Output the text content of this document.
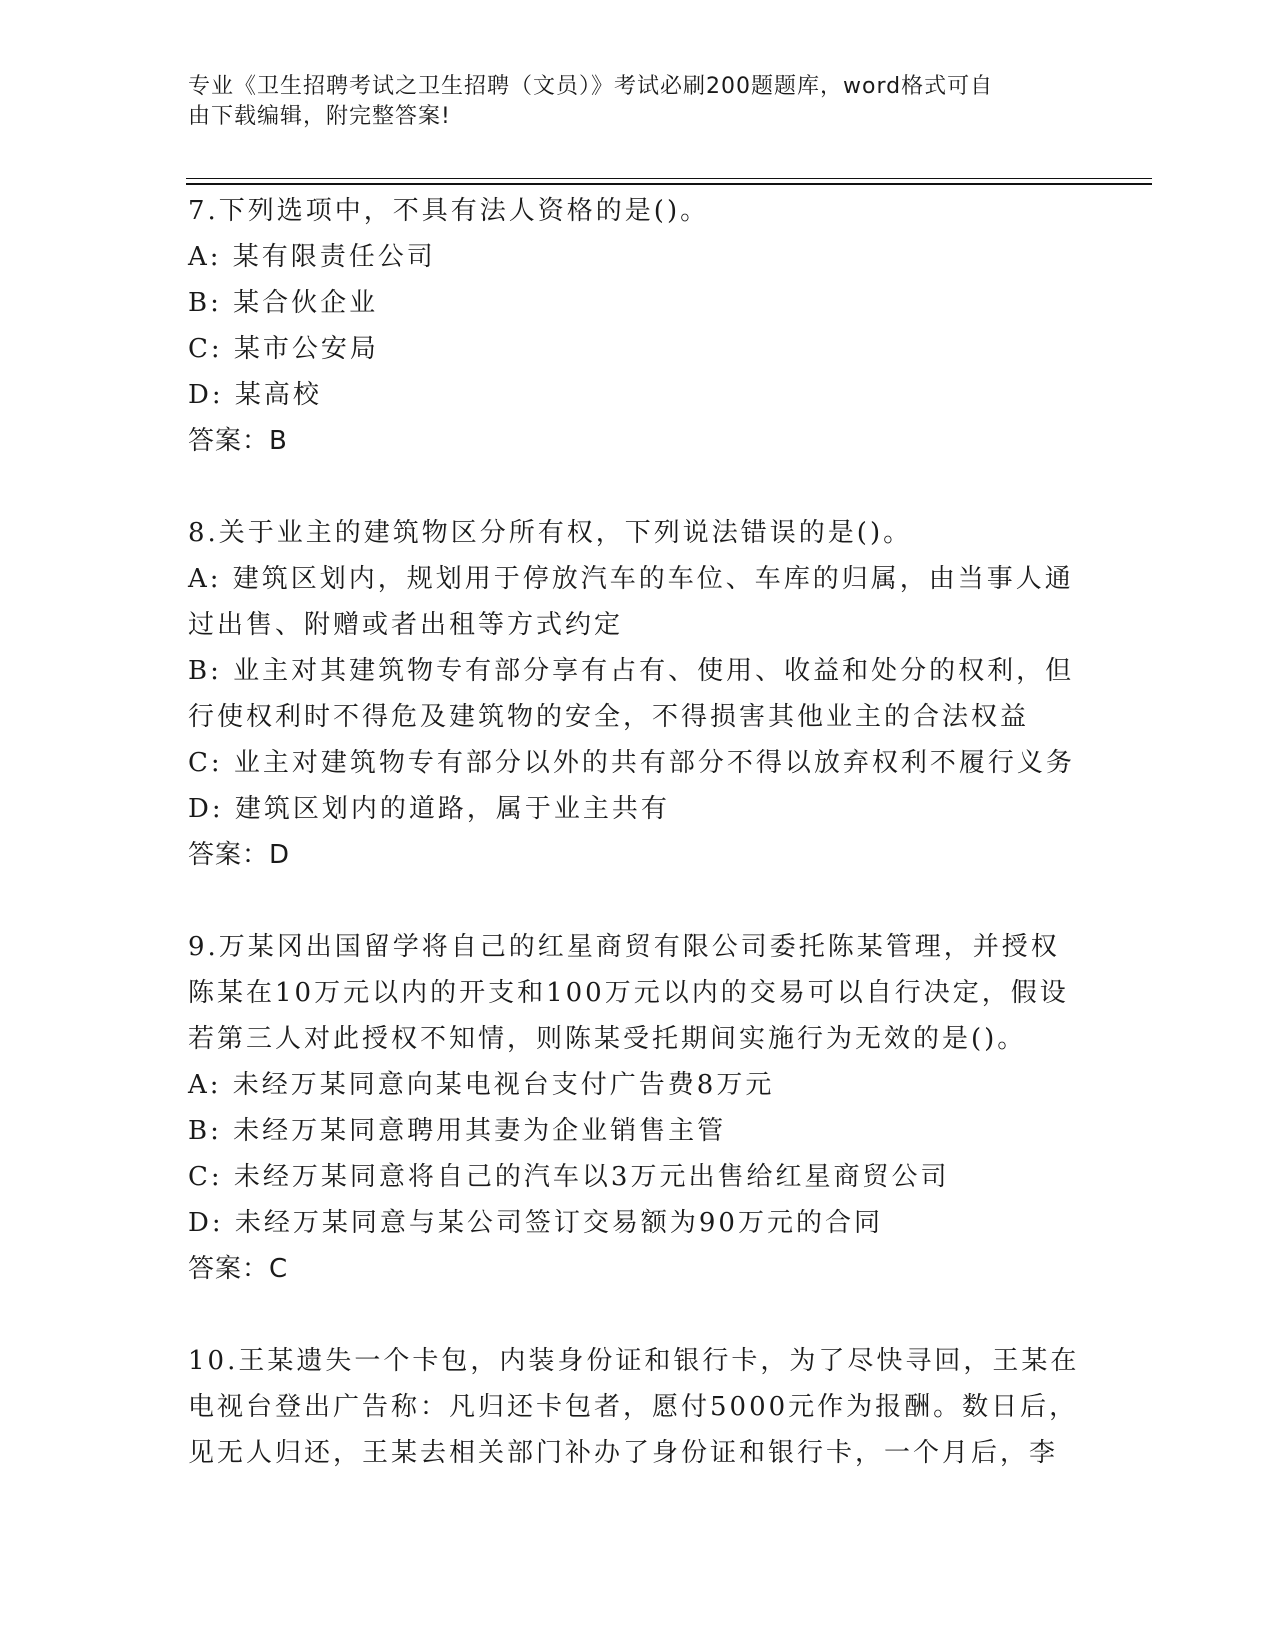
专业《卫生招聘考试之卫生招聘（文员）》考试必刷200题题库，word格式可自
由下载编辑，附完整答案!
7.下列选项中，不具有法人资格的是()。
A: 某有限责任公司
B: 某合伙企业
C: 某市公安局
D: 某高校
答案：B
8.关于业主的建筑物区分所有权，下列说法错误的是()。
A: 建筑区划内，规划用于停放汽车的车位、车库的归属，由当事人通
过出售、附赠或者出租等方式约定
B: 业主对其建筑物专有部分享有占有、使用、收益和处分的权利，但
行使权利时不得危及建筑物的安全，不得损害其他业主的合法权益
C: 业主对建筑物专有部分以外的共有部分不得以放弃权利不履行义务
D: 建筑区划内的道路，属于业主共有
答案：D
9.万某冈出国留学将自己的红星商贸有限公司委托陈某管理，并授权
陈某在10万元以内的开支和100万元以内的交易可以自行决定，假设
若第三人对此授权不知情，则陈某受托期间实施行为无效的是()。
A: 未经万某同意向某电视台支付广告费8万元
B: 未经万某同意聘用其妻为企业销售主管
C: 未经万某同意将自己的汽车以3万元出售给红星商贸公司
D: 未经万某同意与某公司签订交易额为90万元的合同
答案：C
10.王某遗失一个卡包，内装身份证和银行卡，为了尽快寻回，王某在
电视台登出广告称：凡归还卡包者，愿付5000元作为报酬。数日后，
见无人归还，王某去相关部门补办了身份证和银行卡，一个月后，李
